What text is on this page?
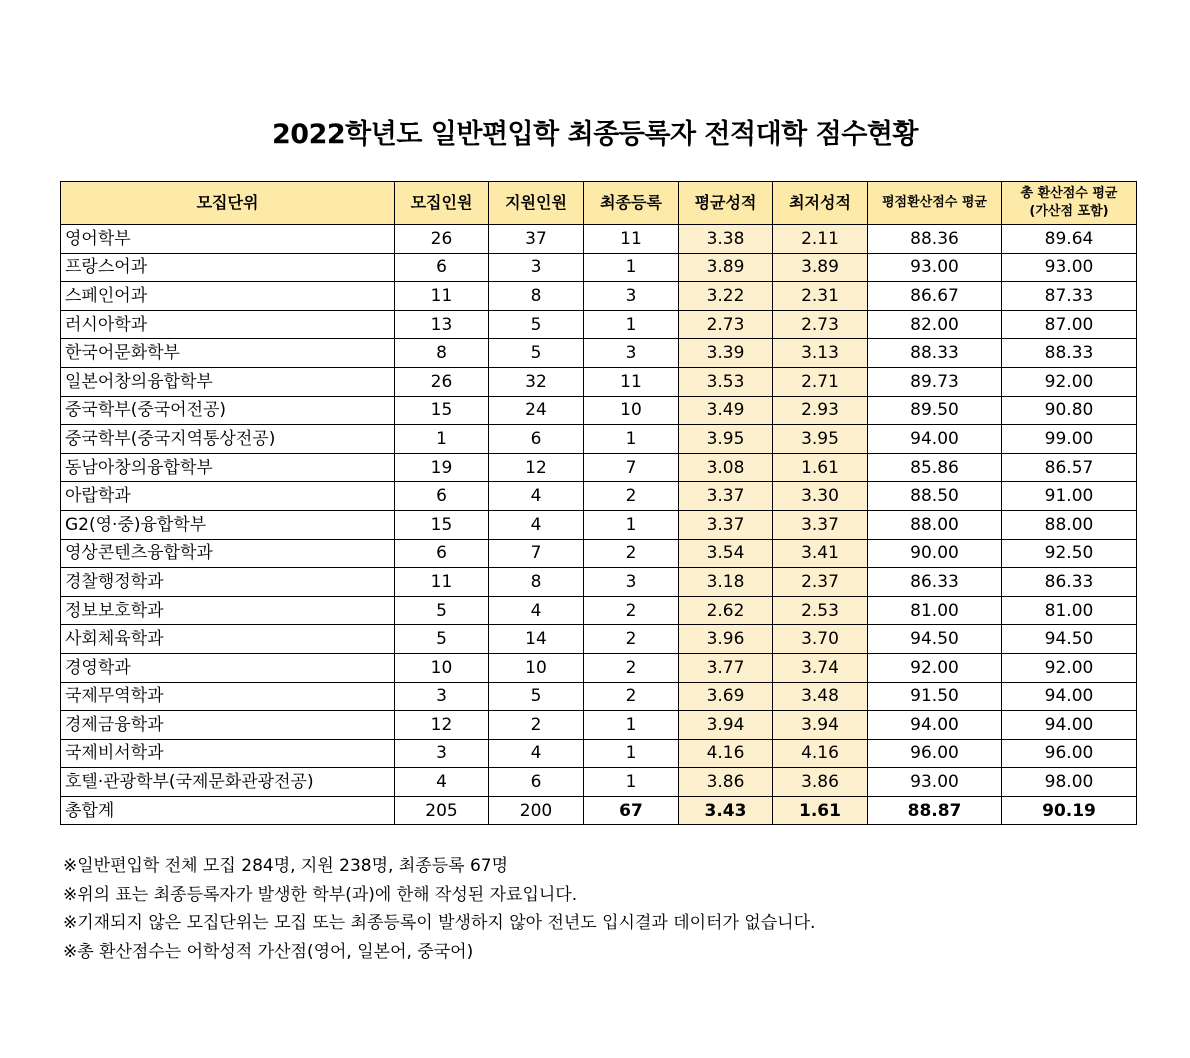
2022학년도 일반편입학 최종등록자 전적대학 점수현황
모집단위	모집인원	지원인원	최종등록	평균성적	최저성적	평점환산점수 평균	총 환산점수 평균
(가산점 포함)

영어학부	26	37	11	3.38	2.11	88.36	89.64
프랑스어과	6	3	1	3.89	3.89	93.00	93.00
스페인어과	11	8	3	3.22	2.31	86.67	87.33
러시아학과	13	5	1	2.73	2.73	82.00	87.00
한국어문화학부	8	5	3	3.39	3.13	88.33	88.33
일본어창의융합학부	26	32	11	3.53	2.71	89.73	92.00
중국학부(중국어전공)	15	24	10	3.49	2.93	89.50	90.80
중국학부(중국지역통상전공)	1	6	1	3.95	3.95	94.00	99.00
동남아창의융합학부	19	12	7	3.08	1.61	85.86	86.57
아랍학과	6	4	2	3.37	3.30	88.50	91.00
G2(영·중)융합학부	15	4	1	3.37	3.37	88.00	88.00
영상콘텐츠융합학과	6	7	2	3.54	3.41	90.00	92.50
경찰행정학과	11	8	3	3.18	2.37	86.33	86.33
정보보호학과	5	4	2	2.62	2.53	81.00	81.00
사회체육학과	5	14	2	3.96	3.70	94.50	94.50
경영학과	10	10	2	3.77	3.74	92.00	92.00
국제무역학과	3	5	2	3.69	3.48	91.50	94.00
경제금융학과	12	2	1	3.94	3.94	94.00	94.00
국제비서학과	3	4	1	4.16	4.16	96.00	96.00
호텔·관광학부(국제문화관광전공)	4	6	1	3.86	3.86	93.00	98.00
총합계	205	200	67	3.43	1.61	88.87	90.19
※일반편입학 전체 모집 284명, 지원 238명, 최종등록 67명
※위의 표는 최종등록자가 발생한 학부(과)에 한해 작성된 자료입니다.
※기재되지 않은 모집단위는 모집 또는 최종등록이 발생하지 않아 전년도 입시결과 데이터가 없습니다.
※총 환산점수는 어학성적 가산점(영어, 일본어, 중국어)
